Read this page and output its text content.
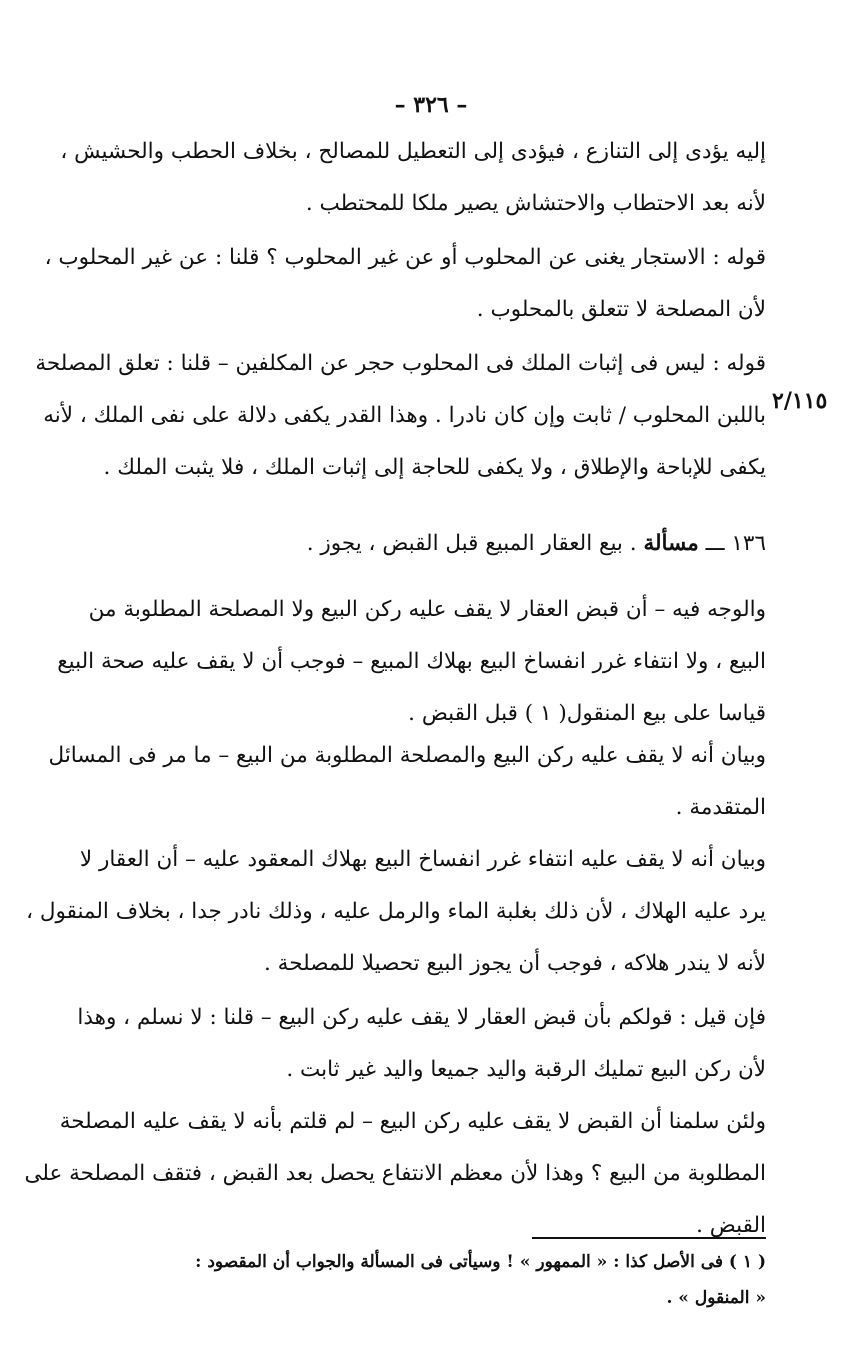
– ٣٢٦ –
إليه يؤدى إلى التنازع ، فيؤدى إلى التعطيل للمصالح ، بخلاف الحطب والحشيش ،
لأنه بعد الاحتطاب والاحتشاش يصير ملكا للمحتطب .
قوله : الاستجار يغنى عن المحلوب أو عن غير المحلوب ؟ قلنا : عن غير المحلوب ،
لأن المصلحة لا تتعلق بالمحلوب .
قوله : ليس فى إثبات الملك فى المحلوب حجر عن المكلفين – قلنا : تعلق المصلحة
باللبن المحلوب / ثابت وإن كان نادرا . وهذا القدر يكفى دلالة على نفى الملك ، لأنه
يكفى للإباحة والإطلاق ، ولا يكفى للحاجة إلى إثبات الملك ، فلا يثبت الملك .
٢/١١٥
١٣٦ ـــ مسألة . بيع العقار المبيع قبل القبض ، يجوز .
والوجه فيه – أن قبض العقار لا يقف عليه ركن البيع ولا المصلحة المطلوبة من
البيع ، ولا انتفاء غرر انفساخ البيع بهلاك المبيع – فوجب أن لا يقف عليه صحة البيع
قياسا على بيع المنقول( ١ ) قبل القبض .
وبيان أنه لا يقف عليه ركن البيع والمصلحة المطلوبة من البيع – ما مر فى المسائل
المتقدمة .
وبيان أنه لا يقف عليه انتفاء غرر انفساخ البيع بهلاك المعقود عليه – أن العقار لا
يرد عليه الهلاك ، لأن ذلك بغلبة الماء والرمل عليه ، وذلك نادر جدا ، بخلاف المنقول ،
لأنه لا يندر هلاكه ، فوجب أن يجوز البيع تحصيلا للمصلحة .
فإن قيل : قولكم بأن قبض العقار لا يقف عليه ركن البيع – قلنا : لا نسلم ، وهذا
لأن ركن البيع تمليك الرقبة واليد جميعا واليد غير ثابت .
ولئن سلمنا أن القبض لا يقف عليه ركن البيع – لم قلتم بأنه لا يقف عليه المصلحة
المطلوبة من البيع ؟ وهذا لأن معظم الانتفاع يحصل بعد القبض ، فتقف المصلحة على
القبض .
( ١ ) فى الأصل كذا : « الممهور » ! وسيأتى فى المسألة والجواب أن المقصود :
« المنقول » .
